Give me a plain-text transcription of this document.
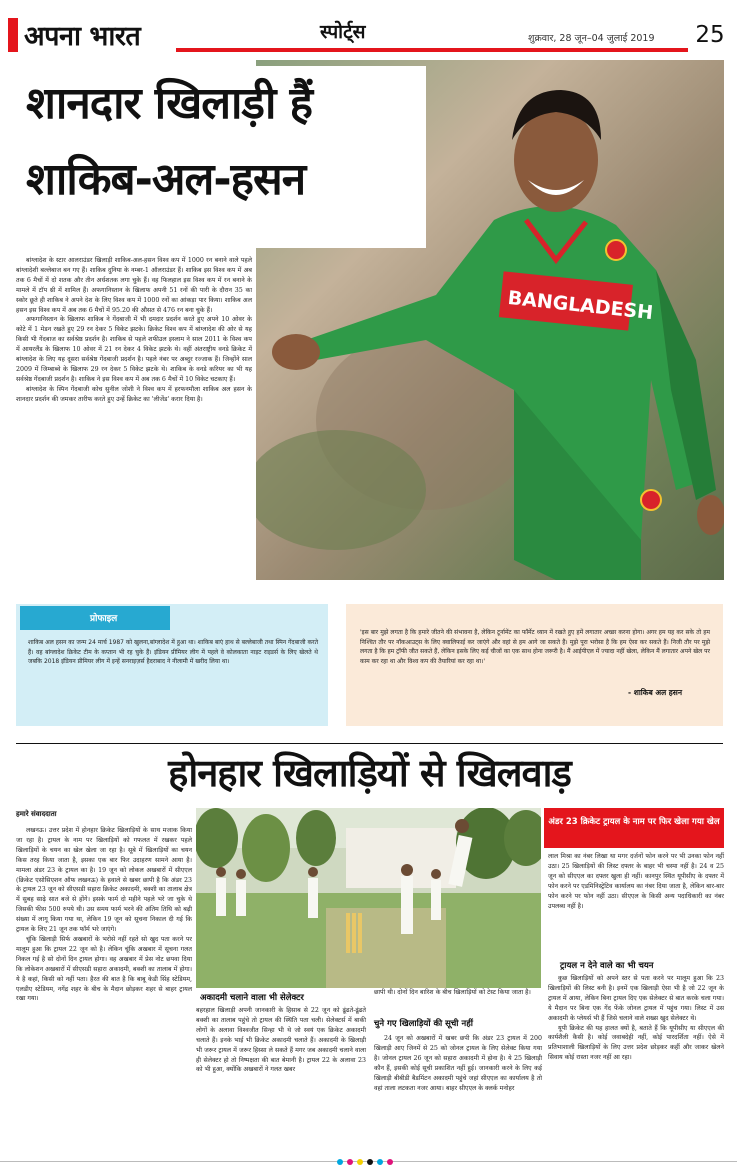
अपना भारत	स्पोर्ट्स	शुक्रवार, 28 जून–04 जुलाई 2019 25
BANGLADESH
शानदार खिलाड़ी हैं
शाकिब-अल-हसन

बांग्लादेश के स्टार आलराउंडर खिलाड़ी शाकिब-अल-हसन विश्व कप में 1000 रन बनाने वाले पहले बांग्लादेशी बल्लेबाज बन गए हैं। शाकिब दुनिया के नम्बर-1 ऑलराउंडर हैं। शाकिब इस विश्व कप में अब तक 6 मैचों में दो शतक और तीन अर्धशतक लगा चुके हैं। वह फिलहाल इस विश्व कप में रन बनाने के मामले में टॉप थ्री में शामिल हैं। अफगानिस्तान के खिलाफ अपनी 51 रनों की पारी के दौरान 35 का स्कोर छूते ही शाकिब ने अपने देश के लिए विश्व कप में 1000 रनों का आंकड़ा पार किया। शाकिब अल हसन इस विश्व कप में अब तक 6 मैचों में 95.20 की औसत से 476 रन बना चुके हैं।

अफगानिस्तान के खिलाफ शाकिब ने गेंदबाजी में भी दमदार प्रदर्शन करते हुए अपने 10 ओवर के कोटे में 1 मेडन रखते हुए 29 रन देकर 5 विकेट झटके। क्रिकेट विश्व कप में बांग्लादेश की ओर से यह किसी भी गेंदबाज का सर्वश्रेष्ठ प्रदर्शन है। शाकिब से पहले शफीउल इस्लाम ने साल 2011 के विश्व कप में आयरलैंड के खिलाफ 10 ओवर में 21 रन देकर 4 विकेट झटके थे। वहीं अंतराष्ट्रीय वनडे क्रिकेट में बांग्लादेश के लिए यह दूसरा सर्वश्रेष्ठ गेंदबाजी प्रदर्शन है। पहले नंबर पर अब्दुर रज्जाक हैं। जिन्होंने साल 2009 में जिम्बाब्वे के खिलाफ 29 रन देकर 5 विकेट झटके थे। शाकिब के वनडे करियर का भी यह सर्वश्रेष्ठ गेंदबाजी प्रदर्शन है। शाकिब ने इस विश्व कप में अब तक 6 मैचों में 10 विकेट चटकाए हैं।

बांग्लादेश के स्पिन गेंदबाजी कोच सुनील जोशी ने विश्व कप में हरफनमौला शाकिब अल हसन के शानदार प्रदर्शन की जमकर तारीफ करते हुए उन्हें क्रिकेट का 'लीजेंड' करार दिया है।

प्रोफाइल
शाकिब अल हसन का जन्म 24 मार्च 1987 को खुलना,बांग्लादेश में हुआ था। शाकिब बाएं हाथ से बल्लेबाजी तथा स्पिन गेंदबाजी करते हैं। वह बांग्लादेश क्रिकेट टीम के कप्तान भी रह चुके हैं। इंडियन प्रीमियर लीग में पहले वे कोलकाता नाइट राइडर्स के लिए खेलते थे जबकि 2018 इंडियन प्रीमियर लीग में इन्हें सनराइज़र्स हैदराबाद ने नीलामी में खरीद लिया था।
'इस बार मुझे लगता है कि हमारे जीतने की संभावना है, लेकिन टूर्नामेंट का फॉर्मेट ध्यान में रखते हुए हमें लगातार अच्छा करना होगा। अगर हम यह कर सके तो हम निश्चित तौर पर नॉकआउट्स के लिए क्वालिफाई कर जाएंगे और वहां से हम आगे जा सकते हैं। मुझे पूरा भरोसा है कि हम ऐसा कर सकते हैं। निजी तौर पर मुझे लगता है कि हम ट्रॉफी जीत सकते हैं, लेकिन इसके लिए कई चीजों का एक साथ होना जरूरी है। मैं आईपीएल में ज्यादा नहीं खेला, लेकिन मैं लगातार अपने खेल पर काम कर रहा था और विश्व कप की तैयारियां कर रहा था।'
- शाकिब अल हसन
होनहार खिलाड़ियों से खिलवाड़
हमारे संवाददाता

लखनऊ। उत्तर प्रदेश में होनहार क्रिकेट खिलाड़ियों के साथ मजाक किया जा रहा है। ट्रायल के नाम पर खिलाड़ियों को गफलत में रखकर पहले खिलाड़ियों के चयन का खेल खेला जा रहा है। सूबे में खिलाड़ियों का चयन किस तरह किया जाता है, इसका एक बार फिर उदाहरण सामने आया है। मामला अंडर 23 के ट्रायल का है। 19 जून को लोकल अखबारों में सीएएल (क्रिकेट एसोसिएशन ऑफ लखनऊ) के हवाले से खबर छापी है कि अंडर 23 के ट्रायल 23 जून को सीएसडी सहारा क्रिकेट अकादमी, बक्शी का तालाब क्षेत्र में सुबह साढ़े सात बजे से होंगे। इसके फार्म दो महीने पहले भरे जा चुके थे जिसकी फीस 500 रुपये थी। उस समय फार्म भरने की अंतिम तिथि को बढ़ी संख्या में लागू किया गया था, लेकिन 19 जून को सूचना निकाल दी गई कि ट्रायल के लिए 21 जून तक फॉर्म भरे जाएंगे।

चूंकि खिलाड़ी सिर्फ अखबारों के भरोसे नहीं रहते सो खुद पता करने पर मालूम हुआ कि ट्रायल 22 जून को है। लेकिन चूंकि अखबार में सूचना गलत निकल गई है सो दोनों दिन ट्रायल होगा। वह अखबार में प्रेस नोट छपवा दिया कि लोकेशन अखबारों में सीएसडी सहारा अकादमी, बक्शी का तालाब में होगा। ये है कहां, किसी को नहीं पता। हैरत की बात है कि बाबू केडी सिंह स्टेडियम, एलडीए स्टेडियम, नगेंद्र शहर के बीच के मैदान छोड़कर शहर से बाहर ट्रायल रखा गया।	अकादमी चलाने वाला भी सेलेक्टर
बहरहाल खिलाड़ी अपनी जानकारी के हिसाब से 22 जून को ढूंढते-ढूंढते बक्शी का तालाब पहुंचे तो ट्रायल की स्थिति पता चली। सेलेक्टर्स में बाकी लोगों के अलावा विश्वजीत सिन्हा भी थे जो स्वयं एक क्रिकेट अकादमी चलाते हैं। इनके भाई भी क्रिकेट अकादमी चलाते हैं। अकादमी के खिलाड़ी भी जरूर ट्रायल में जरूर हिस्सा ले सकते हैं मगर जब अकादमी चलाने वाला ही सेलेक्टर हो तो निष्पक्षता की बात बेमानी है। ट्रायल 22 के अलावा 23 को भी हुआ, क्योंकि अखबारों ने गलत खबर
छापी थी। दोनों दिन बारिश के बीच खिलाड़ियों को टेस्ट किया जाता है।
चुने गए खिलाड़ियों की सूची नहीं

24 जून को अखबारों में खबर छपी कि अंडर 23 ट्रायल में 200 खिलाड़ी आए जिनमें से 25 को जोनल ट्रायल के लिए सेलेक्ट किया गया है। जोनल ट्रायल 26 जून को सहारा अकादमी में होना है। ये 25 खिलाड़ी कौन हैं, इसकी कोई सूची प्रकाशित नहीं हुई। जानकारी करने के लिए कई खिलाड़ी बीबीडी बैडमिंटन अकादमी पहुंचे जहां सीएएल का कार्यालय है तो वहां ताला लटकता नजर आया। बाहर सीएएल के क्लर्क मनोहर

अंडर 23 क्रिकेट ट्रायल के नाम पर फिर खेला गया खेल
लाल मिश्रा का नंबर लिखा था मगर दर्जनों फोन करने पर भी उनका फोन नहीं उठा। 25 खिलाड़ियों की लिस्ट दफ्तर के बाहर भी चस्पा नहीं है। 24 व 25 जून को सीएएल का दफ्तर खुला ही नहीं। कानपुर स्थित यूपीसीए के दफ्तर में फोन करने पर एडमिनिस्ट्रेटिव कार्यालय का नंबर दिया जाता है, लेकिन बार-बार फोन करने पर फोन नहीं उठा। सीएएल के किसी अन्य पदाधिकारी का नंबर उपलब्ध नहीं है।
ट्रायल न देने वाले का भी चयन

कुछ खिलाड़ियों को अपने स्तर से पता करने पर मालूम हुआ कि 23 खिलाड़ियों की लिस्ट बनी है। इनमें एक खिलाड़ी ऐसा भी है जो 22 जून के ट्रायल में आया, लेकिन बिना ट्रायल दिए एक सेलेक्टर से बात करके चला गया। ये मैदान पर बिना एक गेंद फेंके जोनल ट्रायल में पहुंच गया। लिस्ट में उस अकादमी के प्लेयर्स भी हैं जिसे चलाने वाले शख्स खुद सेलेक्टर थे।

यूपी क्रिकेट की यह हालत क्यों है, बताते हैं कि यूपीसीए या सीएएल की कार्यशैली कैसी है। कोई जवाबदेही नहीं, कोई पारदर्शिता नहीं। ऐसे में प्रतिभाशाली खिलाड़ियों के लिए उत्तर प्रदेश छोड़कर कहीं और जाकर खेलने सिवाय कोई रास्ता नजर नहीं आ रहा।
